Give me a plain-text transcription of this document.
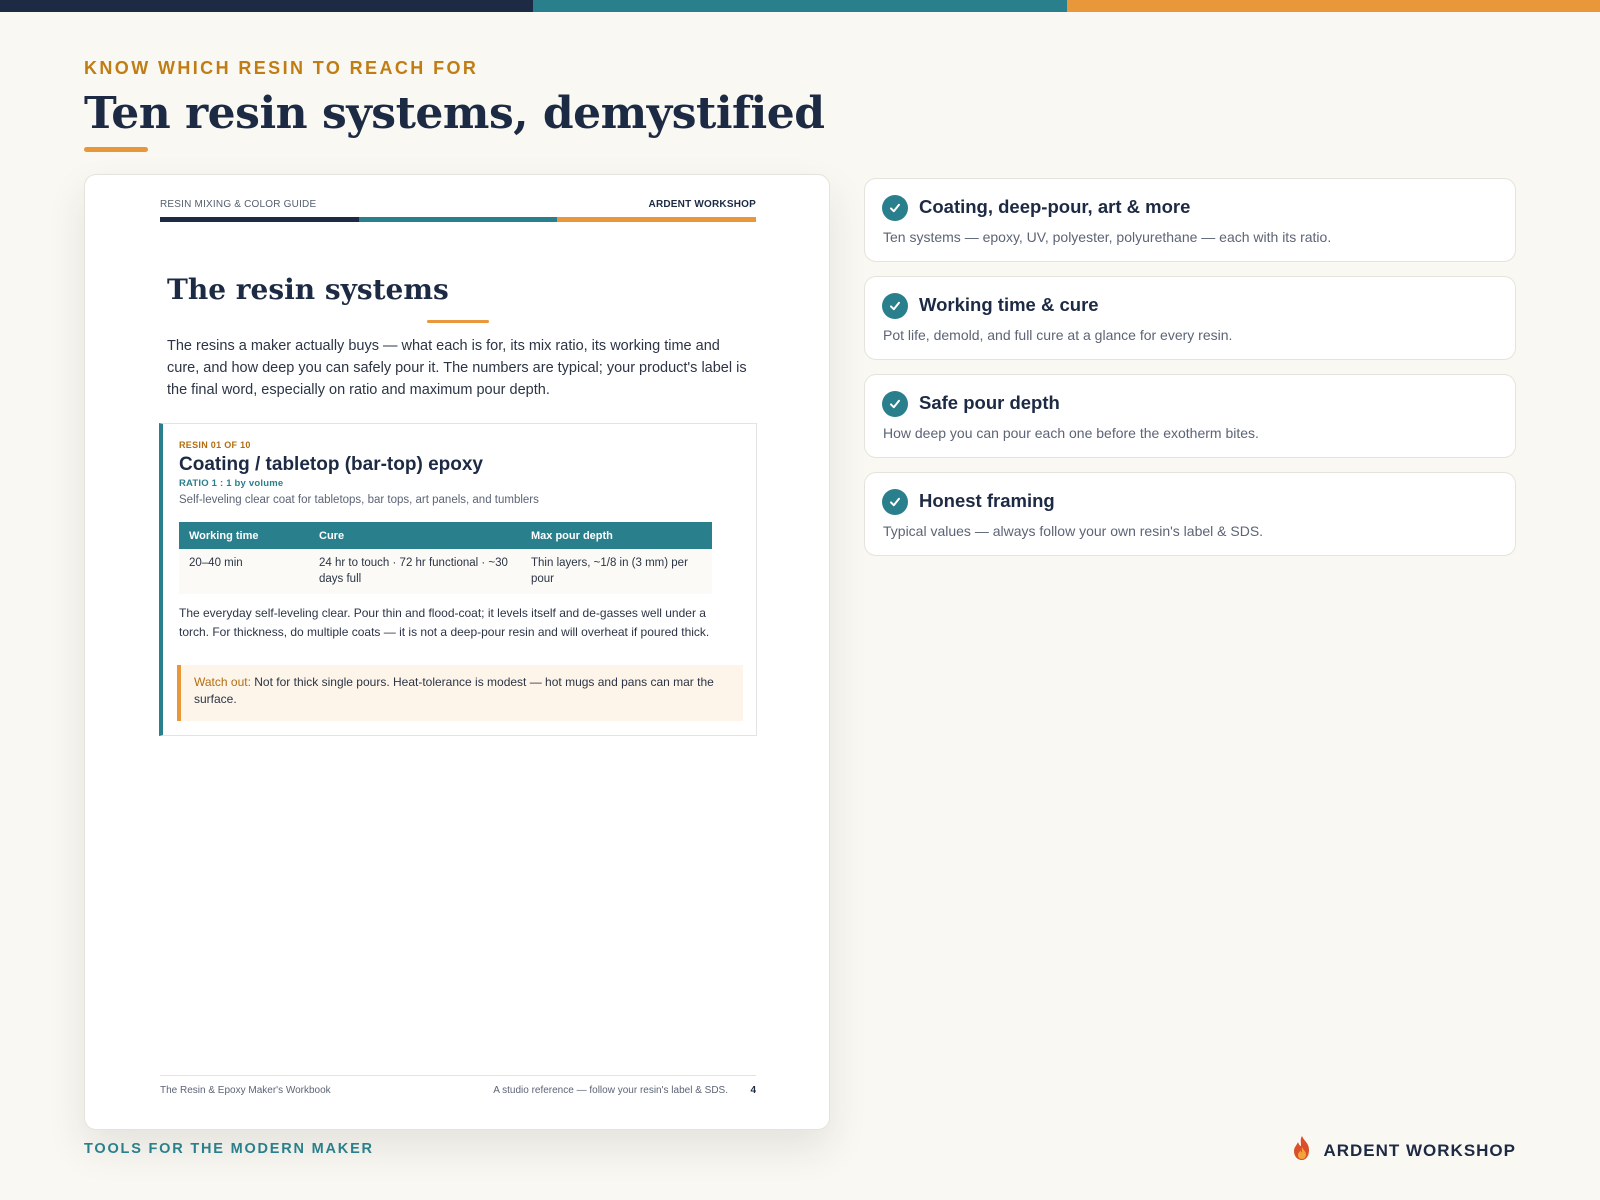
KNOW WHICH RESIN TO REACH FOR
Ten resin systems, demystified
RESIN MIXING & COLOR GUIDE	ARDENT WORKSHOP
The resin systems

The resins a maker actually buys — what each is for, its mix ratio, its working time and cure, and how deep you can safely pour it. The numbers are typical; your product's label is the final word, especially on ratio and maximum pour depth.

RESIN 01 OF 10
Coating / tabletop (bar-top) epoxy
RATIO 1 : 1 by volume
Self-leveling clear coat for tabletops, bar tops, art panels, and tumblers
Working time	Cure	Max pour depth
20–40 min	24 hr to touch · 72 hr functional · ~30 days full	Thin layers, ~1/8 in (3 mm) per pour

The everyday self-leveling clear. Pour thin and flood-coat; it levels itself and de-gasses well under a torch. For thickness, do multiple coats — it is not a deep-pour resin and will overheat if poured thick.

Watch out: Not for thick single pours. Heat-tolerance is modest — hot mugs and pans can mar the surface.
The Resin & Epoxy Maker's Workbook	A studio reference — follow your resin's label & SDS. 4
Coating, deep-pour, art & more
Ten systems — epoxy, UV, polyester, polyurethane — each with its ratio.
Working time & cure
Pot life, demold, and full cure at a glance for every resin.
Safe pour depth
How deep you can pour each one before the exotherm bites.
Honest framing
Typical values — always follow your own resin's label & SDS.
TOOLS FOR THE MODERN MAKER	ARDENT WORKSHOP
